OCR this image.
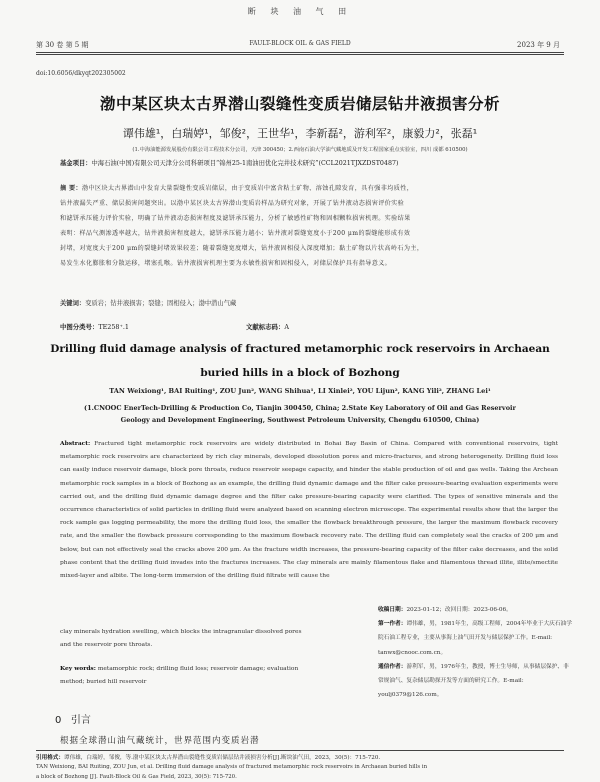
断 块 油 气 田
第 30 卷 第 5 期	FAULT-BLOCK OIL & GAS FIELD	2023 年 9 月
doi:10.6056/dkyqt202305002
渤中某区块太古界潜山裂缝性变质岩储层钻井液损害分析
谭伟雄¹，白瑞婷¹，邹俊²，王世华¹，李新磊²，游利军²，康毅力²，张磊¹
(1.中海油能源发展股份有限公司工程技术分公司，天津 300450；2.西南石油大学油气藏地质及开发工程国家重点实验室，四川 成都 610500)
基金项目：中海石油(中国)有限公司天津分公司科研项目“锦州25-1南油田优化完井技术研究”(CCL2021TJXZDST0487)
摘 要：渤中区块太古界潜山中发育大量裂缝性变质岩储层，由于变质岩中富含粘土矿物、溶蚀孔隙发育，具有强非均质性，
钻井液漏失严重、储层损害问题突出。以渤中某区块太古界潜山变质岩样品为研究对象，开展了钻井液动态损害评价实验
和滤饼承压能力评价实验，明确了钻井液动态损害程度及滤饼承压能力，分析了敏感性矿物和固相颗粒损害机理。实验结果
表明：样品气测渗透率越大，钻井液损害程度越大，滤饼承压能力越小；钻井液对裂缝宽度小于200 μm的裂缝能形成有效
封堵，对宽度大于200 μm的裂缝封堵效果较差；随着裂缝宽度增大，钻井液固相侵入深度增加；黏土矿物以片状高岭石为主，
易发生水化膨胀和分散运移，堵塞孔喉。钻井液损害机理主要为水敏性损害和固相侵入，对储层保护具有指导意义。
关键词：变质岩；钻井液损害；裂缝；固相侵入；渤中潜山气藏
中图分类号：TE258⁺.1	文献标志码：A
Drilling fluid damage analysis of fractured metamorphic rock reservoirs in Archaean buried hills in a block of Bozhong
TAN Weixiong¹, BAI Ruiting¹, ZOU Jun², WANG Shihua¹, LI Xinlei², YOU Lijun², KANG Yili², ZHANG Lei¹
(1.CNOOC EnerTech-Drilling & Production Co, Tianjin 300450, China; 2.State Key Laboratory of Oil and Gas Reservoir Geology and Development Engineering, Southwest Petroleum University, Chengdu 610500, China)
Abstract: Fractured tight metamorphic rock reservoirs are widely distributed in Bohai Bay Basin of China. Compared with conventional reservoirs, tight metamorphic rock reservoirs are characterized by rich clay minerals, developed dissolution pores and micro-fractures, and strong heterogeneity. Drilling fluid loss can easily induce reservoir damage, block pore throats, reduce reservoir seepage capacity, and hinder the stable production of oil and gas wells. Taking the Archean metamorphic rock samples in a block of Bozhong as an example, the drilling fluid dynamic damage and the filter cake pressure-bearing evaluation experiments were carried out, and the drilling fluid dynamic damage degree and the filter cake pressure-bearing capacity were clarified. The types of sensitive minerals and the occurrence characteristics of solid particles in drilling fluid were analyzed based on scanning electron microscope. The experimental results show that the larger the rock sample gas logging permeability, the more the drilling fluid loss, the smaller the flowback breakthrough pressure, the larger the maximum flowback recovery rate, and the smaller the flowback pressure corresponding to the maximum flowback recovery rate. The drilling fluid can completely seal the cracks of 200 μm and below, but can not effectively seal the cracks above 200 μm. As the fracture width increases, the pressure-bearing capacity of the filter cake decreases, and the solid phase content that the drilling fluid invades into the fractures increases. The clay minerals are mainly filamentous flake and filamentous thread illite, illite/smectite mixed-layer and albite. The long-term immersion of the drilling fluid filtrate will cause the
clay minerals hydration swelling, which blocks the intragranular dissolved pores and the reservoir pore throats.
Key words: metamorphic rock; drilling fluid loss; reservoir damage; evaluation method; buried hill reservoir
收稿日期：2023-01-12；改回日期：2023-06-06。
第一作者：谭伟雄，男，1981年生，高级工程师，2004年毕业于大庆石油学院石油工程专业，主要从事海上油气田开发与储层保护工作。E-mail: tanwx@cnooc.com.cn。
通信作者：游利军，男，1976年生，教授，博士生导师，从事储层保护、非常规油气、复杂储层勘探开发等方面的研究工作。E-mail: youlj0379@126.com。
0 引言
根据全球潜山油气藏统计，世界范围内变质岩潜
引用格式：谭伟雄，白瑞婷，邹俊，等.渤中某区块太古界潜山裂缝性变质岩储层钻井液损害分析[J].断块油气田，2023，30(5)：715-720.
TAN Weixiong, BAI Ruiting, ZOU Jun, et al. Drilling fluid damage analysis of fractured metamorphic rock reservoirs in Archaean buried hills in
a block of Bozhong [J]. Fault-Block Oil & Gas Field, 2023, 30(5): 715-720.
